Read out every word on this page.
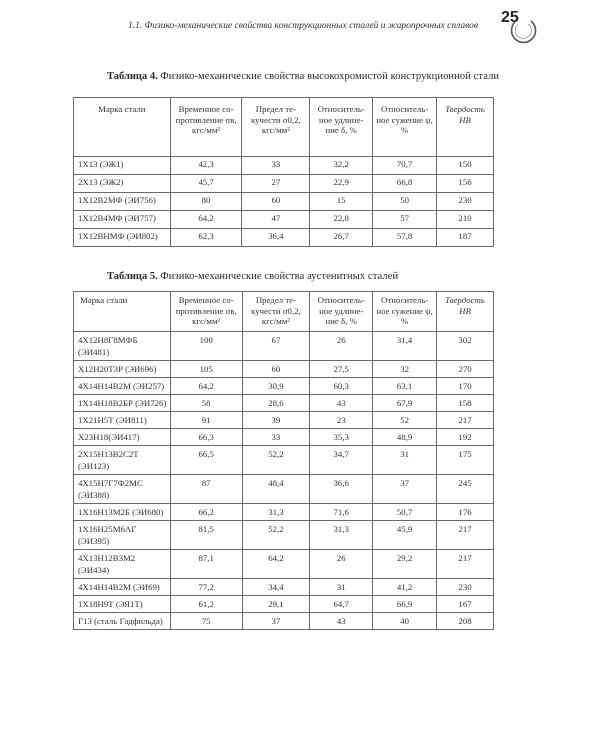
1.1. Физико-механические свойства конструкционных сталей и жаропрочных сплавов 25
Таблица 4. Физико-механические свойства высокохромистой конструкционной стали
Марка стали	Временное со-противление σв, кгс/мм²	Предел те-кучести σ0,2, кгс/мм²	Относитель-ное удлине-ние δ, %	Относитель-ное сужение ψ, %	Твердость НВ
1Х13 (ЭЖ1)	42,3	33	32,2	70,7	150
2Х13 (ЭЖ2)	45,7	27	22,9	66,8	156
1Х12В2МФ (ЭИ756)	80	60	15	50	230
1Х12В4МФ (ЭИ757)	64,2	47	22,8	57	210
1Х12ВНМФ (ЭИ802)	62,3	36,4	26,7	57,8	187
Таблица 5. Физико-механические свойства аустенитных сталей
Марка стали	Временное со-противление σв, кгс/мм²	Предел те-кучести σ0,2, кгс/мм²	Относитель-ное удлине-ние δ, %	Относитель-ное сужение ψ, %	Твердость НВ
4Х12Н8Г8МФБ (ЭИ481)	100	67	26	31,4	302
Х12Н20Т3Р (ЭИ696)	105	60	27,5	32	270
4Х14Н14В2М (ЭИ257)	64,2	30,9	60,3	63,1	170
1Х14Н18В2БР (ЭИ726)	58	28,6	43	67,9	158
1Х21Н5Т (ЭИ811)	91	39	23	52	217
Х23Н18(ЭИ417)	66,3	33	35,3	48,9	192
2Х15Н13В2С2Т (ЭИ123)	66,5	52,2	34,7	31	175
4Х15Н7Г7Ф2МС (ЭИ388)	87	48,4	36,6	37	245
1Х16Н13М2Б (ЭИ680)	66,2	31,3	71,6	50,7	176
1Х16Н25М6АГ (ЭИ395)	81,5	52,2	31,3	45,9	217
4Х13Н12В3М2 (ЭИ434)	87,1	64,2	26	29,2	217
4Х14Н14В2М (ЭИ69)	77,2	34,4	31	41,2	230
1Х18Н9Т (ЭЯ1Т)	61,2	29,1	64,7	66,9	167
Г13 (сталь Гадфильда)	75	37	43	40	208
